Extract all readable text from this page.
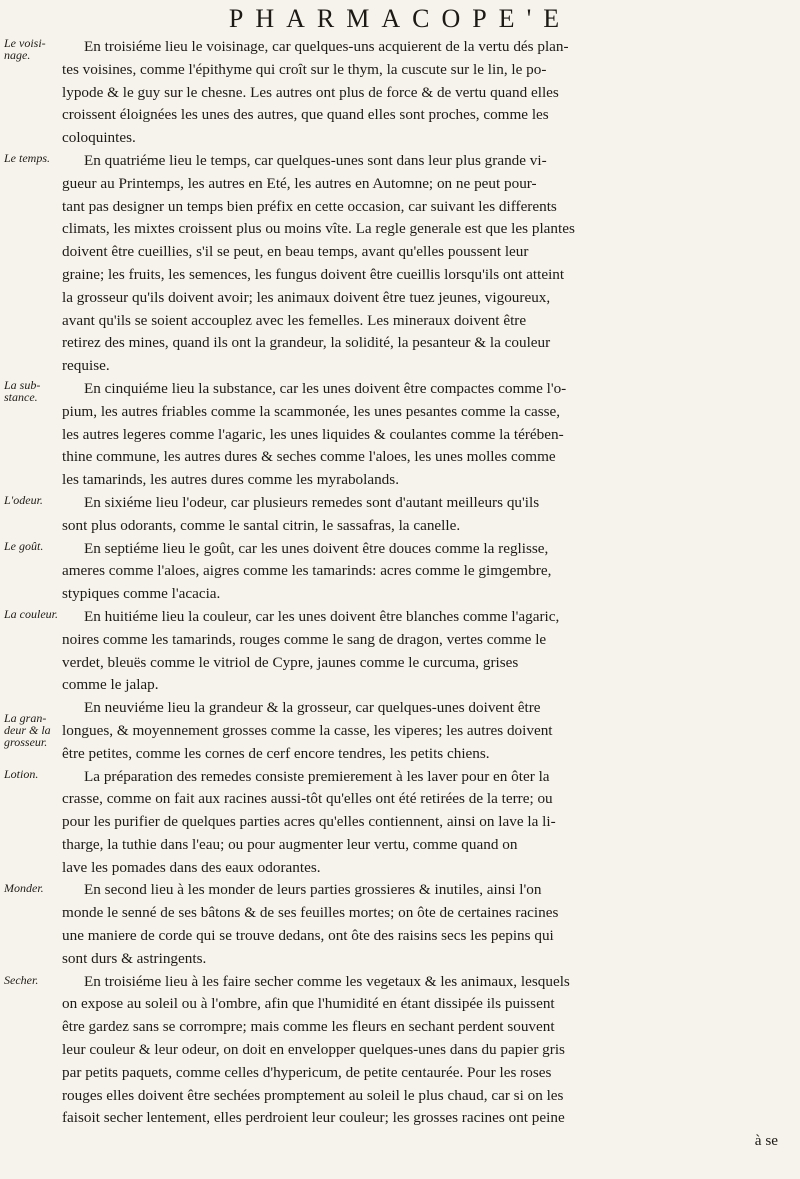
PHARMACOPE'E
Le voisi-
nage.
Le temps.
La sub-
stance.
L'odeur.
Le goût.
La couleur.
La gran-
deur & la
grosseur.
Lotion.
Monder.
Secher.
En troisiéme lieu le voisinage, car quelques-uns acquierent de la vertu dés plan-
tes voisines, comme l'épithyme qui croît sur le thym, la cuscute sur le lin, le po-
lypode & le guy sur le chesne. Les autres ont plus de force & de vertu quand elles
croissent éloignées les unes des autres, que quand elles sont proches, comme les
coloquintes.
En quatriéme lieu le temps, car quelques-unes sont dans leur plus grande vi-
gueur au Printemps, les autres en Eté, les autres en Automne; on ne peut pour-
tant pas designer un temps bien préfix en cette occasion, car suivant les differents
climats, les mixtes croissent plus ou moins vîte. La regle generale est que les plantes
doivent être cueillies, s'il se peut, en beau temps, avant qu'elles poussent leur
graine; les fruits, les semences, les fungus doivent être cueillis lorsqu'ils ont atteint
la grosseur qu'ils doivent avoir; les animaux doivent être tuez jeunes, vigoureux,
avant qu'ils se soient accouplez avec les femelles. Les mineraux doivent être
retirez des mines, quand ils ont la grandeur, la solidité, la pesanteur & la couleur
requise.
En cinquiéme lieu la substance, car les unes doivent être compactes comme l'o-
pium, les autres friables comme la scammonée, les unes pesantes comme la casse,
les autres legeres comme l'agaric, les unes liquides & coulantes comme la térében-
thine commune, les autres dures & seches comme l'aloes, les unes molles comme
les tamarinds, les autres dures comme les myrabolands.
En sixiéme lieu l'odeur, car plusieurs remedes sont d'autant meilleurs qu'ils
sont plus odorants, comme le santal citrin, le sassafras, la canelle.
En septiéme lieu le goût, car les unes doivent être douces comme la reglisse,
ameres comme l'aloes, aigres comme les tamarinds: acres comme le gimgembre,
stypiques comme l'acacia.
En huitiéme lieu la couleur, car les unes doivent être blanches comme l'agaric,
noires comme les tamarinds, rouges comme le sang de dragon, vertes comme le
verdet, bleuës comme le vitriol de Cypre, jaunes comme le curcuma, grises
comme le jalap.
En neuviéme lieu la grandeur & la grosseur, car quelques-unes doivent être
longues, & moyennement grosses comme la casse, les viperes; les autres doivent
être petites, comme les cornes de cerf encore tendres, les petits chiens.
La préparation des remedes consiste premierement à les laver pour en ôter la
crasse, comme on fait aux racines aussi-tôt qu'elles ont été retirées de la terre; ou
pour les purifier de quelques parties acres qu'elles contiennent, ainsi on lave la li-
tharge, la tuthie dans l'eau; ou pour augmenter leur vertu, comme quand on
lave les pomades dans des eaux odorantes.
En second lieu à les monder de leurs parties grossieres & inutiles, ainsi l'on
monde le senné de ses bâtons & de ses feuilles mortes; on ôte de certaines racines
une maniere de corde qui se trouve dedans, ont ôte des raisins secs les pepins qui
sont durs & astringents.
En troisiéme lieu à les faire secher comme les vegetaux & les animaux, lesquels
on expose au soleil ou à l'ombre, afin que l'humidité en étant dissipée ils puissent
être gardez sans se corrompre; mais comme les fleurs en sechant perdent souvent
leur couleur & leur odeur, on doit en envelopper quelques-unes dans du papier gris
par petits paquets, comme celles d'hypericum, de petite centaurée. Pour les roses
rouges elles doivent être sechées promptement au soleil le plus chaud, car si on les
faisoit secher lentement, elles perdroient leur couleur; les grosses racines ont peine
à se
